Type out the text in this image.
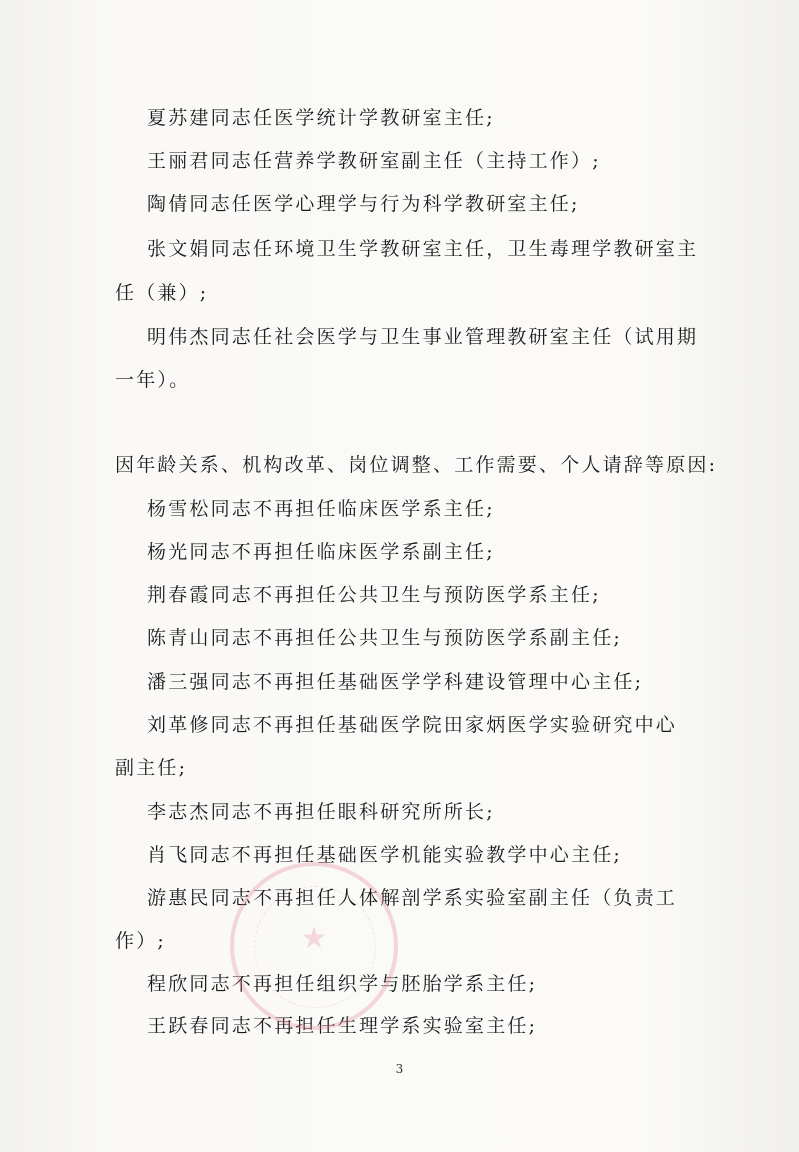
夏苏建同志任医学统计学教研室主任;
王丽君同志任营养学教研室副主任（主持工作）;
陶倩同志任医学心理学与行为科学教研室主任;
张文娟同志任环境卫生学教研室主任，卫生毒理学教研室主
任（兼）;
明伟杰同志任社会医学与卫生事业管理教研室主任（试用期
一年）。
因年龄关系、机构改革、岗位调整、工作需要、个人请辞等原因:
杨雪松同志不再担任临床医学系主任;
杨光同志不再担任临床医学系副主任;
荆春霞同志不再担任公共卫生与预防医学系主任;
陈青山同志不再担任公共卫生与预防医学系副主任;
潘三强同志不再担任基础医学学科建设管理中心主任;
刘革修同志不再担任基础医学院田家炳医学实验研究中心
副主任;
李志杰同志不再担任眼科研究所所长;
肖飞同志不再担任基础医学机能实验教学中心主任;
游惠民同志不再担任人体解剖学系实验室副主任（负责工
作）;
程欣同志不再担任组织学与胚胎学系主任;
王跃春同志不再担任生理学系实验室主任;
★
3
